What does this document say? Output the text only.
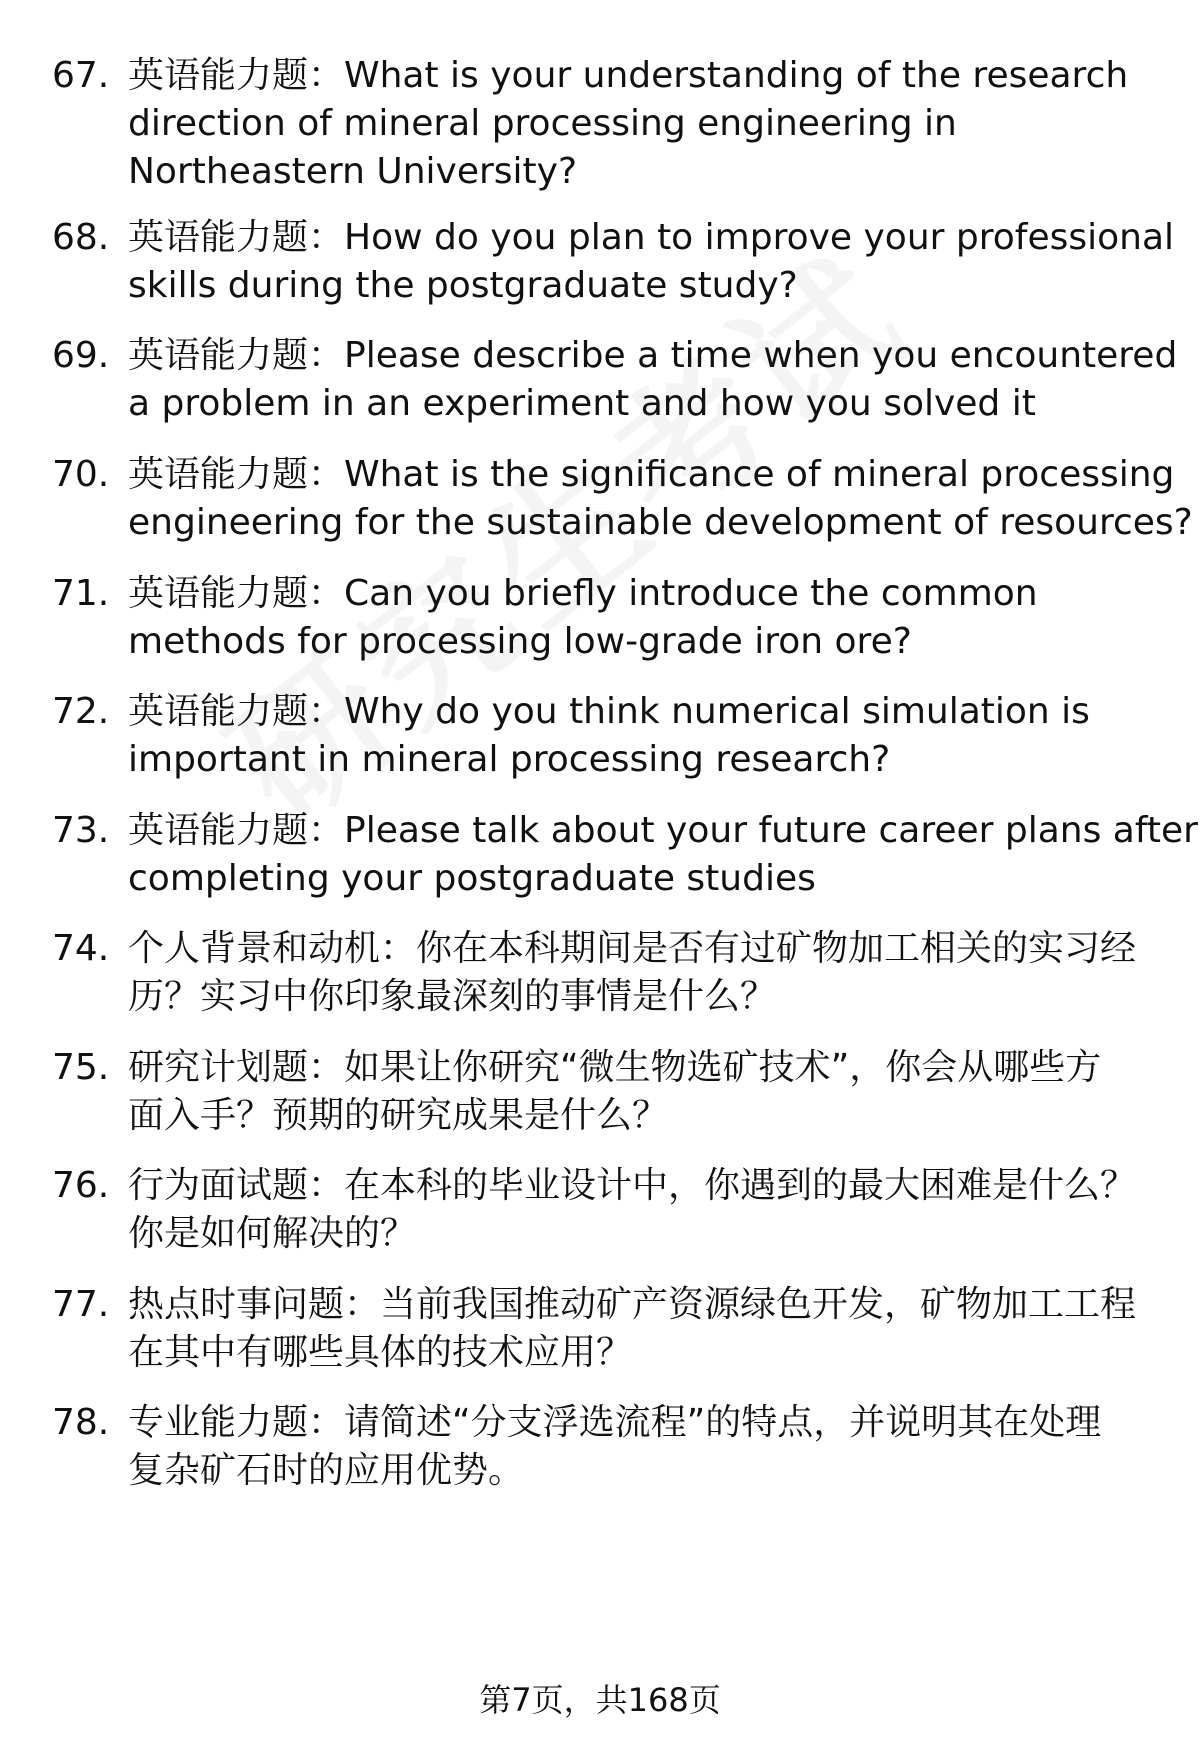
67. 英语能力题：What is your understanding of the research
direction of mineral processing engineering in
Northeastern University?
68. 英语能力题：How do you plan to improve your professional
skills during the postgraduate study?
69. 英语能力题：Please describe a time when you encountered
a problem in an experiment and how you solved it
70. 英语能力题：What is the significance of mineral processing
engineering for the sustainable development of resources?
71. 英语能力题：Can you briefly introduce the common
methods for processing low-grade iron ore?
72. 英语能力题：Why do you think numerical simulation is
important in mineral processing research?
73. 英语能力题：Please talk about your future career plans after
completing your postgraduate studies
74. 个人背景和动机：你在本科期间是否有过矿物加工相关的实习经
历？实习中你印象最深刻的事情是什么？
75. 研究计划题：如果让你研究“微生物选矿技术”，你会从哪些方
面入手？预期的研究成果是什么？
76. 行为面试题：在本科的毕业设计中，你遇到的最大困难是什么？
你是如何解决的？
77. 热点时事问题：当前我国推动矿产资源绿色开发，矿物加工工程
在其中有哪些具体的技术应用？
78. 专业能力题：请简述“分支浮选流程”的特点，并说明其在处理
复杂矿石时的应用优势。
第7页，共168页
